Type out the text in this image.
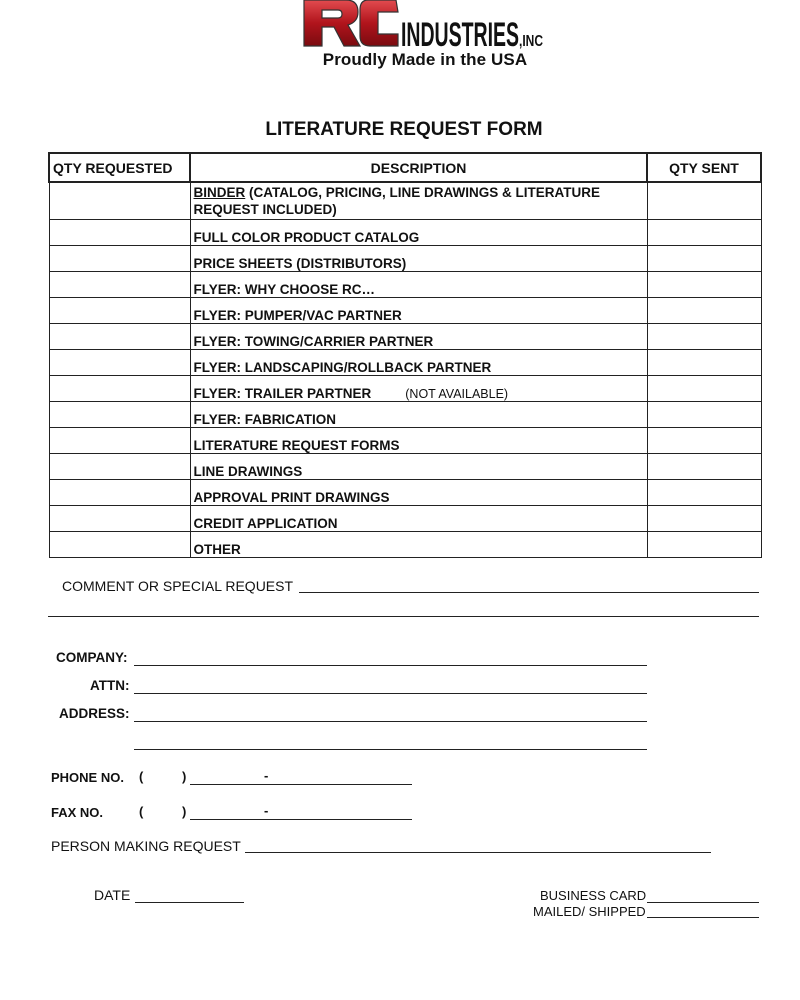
INDUSTRIES ,INC
Proudly Made in the USA
LITERATURE REQUEST FORM
QTY REQUESTED	DESCRIPTION	QTY SENT
	BINDER (CATALOG, PRICING, LINE DRAWINGS & LITERATURE REQUEST INCLUDED)	
	FULL COLOR PRODUCT CATALOG	
	PRICE SHEETS (DISTRIBUTORS)	
	FLYER: WHY CHOOSE RC…	
	FLYER: PUMPER/VAC PARTNER	
	FLYER: TOWING/CARRIER PARTNER	
	FLYER: LANDSCAPING/ROLLBACK PARTNER	
	FLYER: TRAILER PARTNER (NOT AVAILABLE)	
	FLYER: FABRICATION	
	LITERATURE REQUEST FORMS	
	LINE DRAWINGS	
	APPROVAL PRINT DRAWINGS	
	CREDIT APPLICATION	
	OTHER	
COMMENT OR SPECIAL REQUEST
COMPANY:
ATTN:
ADDRESS:
PHONE NO. (	)	-
FAX NO.	(	)	-
PERSON MAKING REQUEST
DATE	BUSINESS CARD
MAILED/ SHIPPED
